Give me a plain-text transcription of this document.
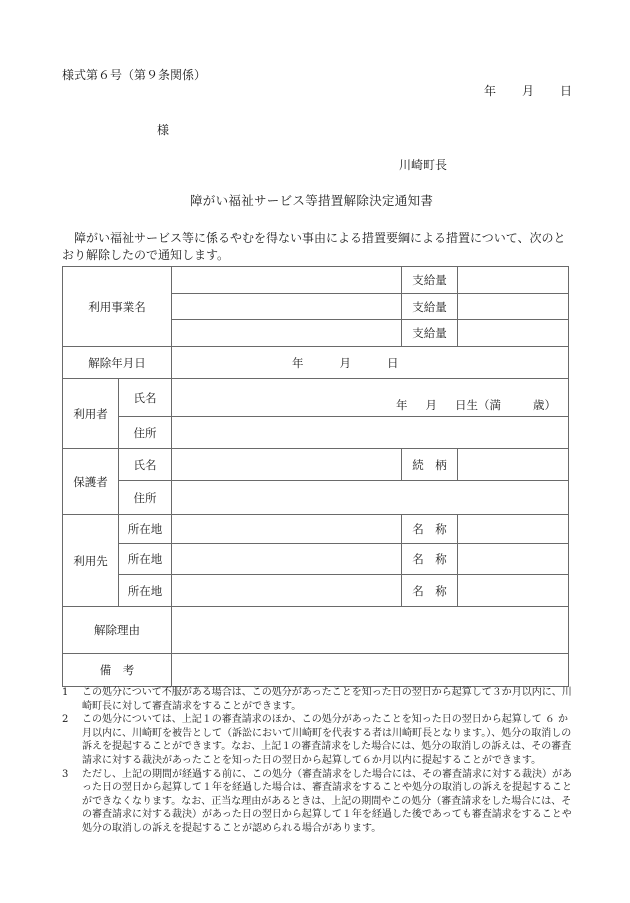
様式第６号（第９条関係）
年 月 日
様
川崎町長
障がい福祉サービス等措置解除決定通知書
障がい福祉サービス等に係るやむを得ない事由による措置要綱による措置について、次のとおり解除したので通知します。
利用事業名			支給量	
			支給量	
			支給量	
解除年月日		年 月 日		
利用者	氏名	年 月 日生（満 歳）		
	住所			
保護者	氏名		続　柄	
	住所			
利用先	所在地		名　称	
	所在地		名　称	
	所在地		名　称	
解除理由				
備　考				
1	この処分について不服がある場合は、この処分があったことを知った日の翌日から起算して３か月以内に、川崎町長に対して審査請求をすることができます。
2	この処分については、上記１の審査請求のほか、この処分があったことを知った日の翌日から起算して ６ か月以内に、川崎町を被告として（訴訟において川崎町を代表する者は川崎町長となります。）、処分の取消しの訴えを提起することができます。なお、上記１の審査請求をした場合には、処分の取消しの訴えは、その審査請求に対する裁決があったことを知った日の翌日から起算して６か月以内に提起することができます。
3	ただし、上記の期間が経過する前に、この処分（審査請求をした場合には、その審査請求に対する裁決）があった日の翌日から起算して１年を経過した場合は、審査請求をすることや処分の取消しの訴えを提起することができなくなります。なお、正当な理由があるときは、上記の期間やこの処分（審査請求をした場合には、その審査請求に対する裁決）があった日の翌日から起算して１年を経過した後であっても審査請求をすることや処分の取消しの訴えを提起することが認められる場合があります。
